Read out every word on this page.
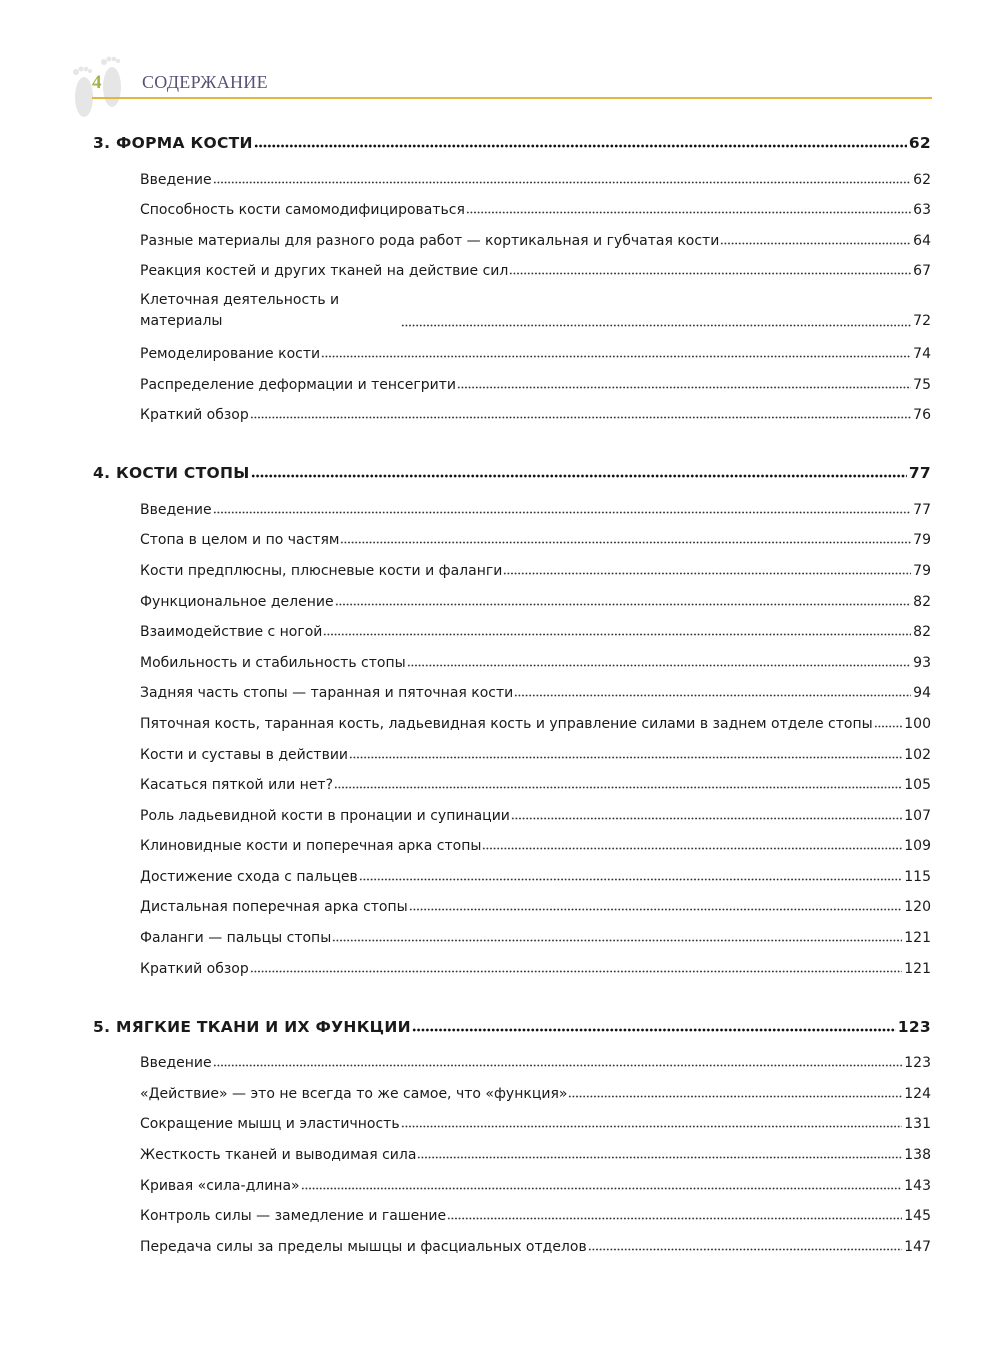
4 СОДЕРЖАНИЕ
3. ФОРМА КОСТИ	62
Введение	62
Способность кости самомодифицироваться	63
Разные материалы для разного рода работ — кортикальная и губчатая кости	64
Реакция костей и других тканей на действие сил	67
Клеточная деятельность и материалы	72
Ремоделирование кости	74
Распределение деформации и тенсегрити	75
Краткий обзор	76
4. КОСТИ СТОПЫ	77
Введение	77
Стопа в целом и по частям	79
Кости предплюсны, плюсневые кости и фаланги	79
Функциональное деление	82
Взаимодействие с ногой	82
Мобильность и стабильность стопы	93
Задняя часть стопы — таранная и пяточная кости	94
Пяточная кость, таранная кость, ладьевидная кость и управление силами в заднем отделе стопы 100
Кости и суставы в действии	102
Касаться пяткой или нет?	105
Роль ладьевидной кости в пронации и супинации	107
Клиновидные кости и поперечная арка стопы	109
Достижение схода с пальцев	115
Дистальная поперечная арка стопы	120
Фаланги — пальцы стопы	121
Краткий обзор	121
5. МЯГКИЕ ТКАНИ И ИХ ФУНКЦИИ	123
Введение	123
«Действие» — это не всегда то же самое, что «функция»	124
Сокращение мышц и эластичность	131
Жесткость тканей и выводимая сила	138
Кривая «сила-длина»	143
Контроль силы — замедление и гашение	145
Передача силы за пределы мышцы и фасциальных отделов	147
